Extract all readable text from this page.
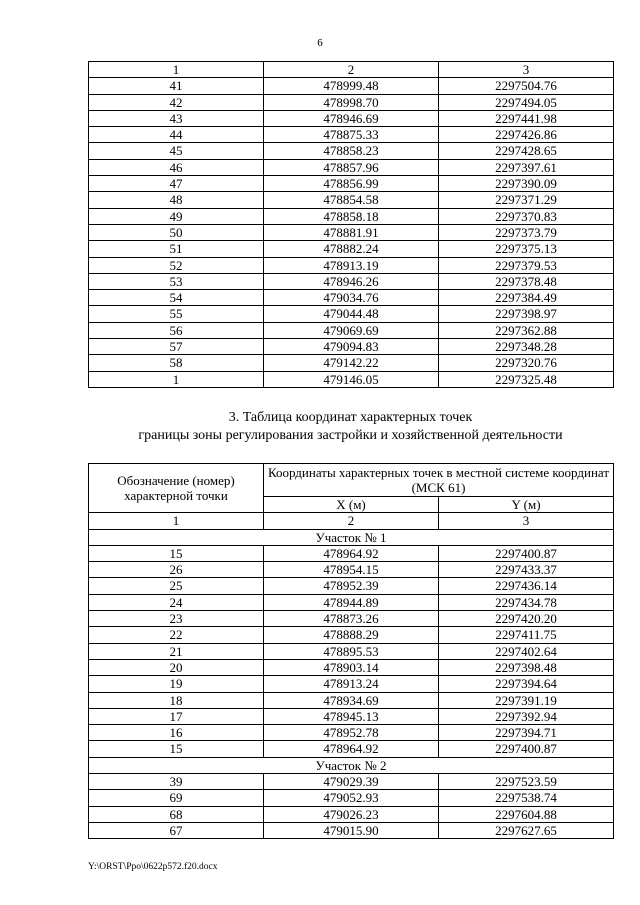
6
1	2	3
41	478999.48	2297504.76
42	478998.70	2297494.05
43	478946.69	2297441.98
44	478875.33	2297426.86
45	478858.23	2297428.65
46	478857.96	2297397.61
47	478856.99	2297390.09
48	478854.58	2297371.29
49	478858.18	2297370.83
50	478881.91	2297373.79
51	478882.24	2297375.13
52	478913.19	2297379.53
53	478946.26	2297378.48
54	479034.76	2297384.49
55	479044.48	2297398.97
56	479069.69	2297362.88
57	479094.83	2297348.28
58	479142.22	2297320.76
1	479146.05	2297325.48
3. Таблица координат характерных точек
границы зоны регулирования застройки и хозяйственной деятельности
Обозначение (номер) характерной точки	Координаты характерных точек в местной системе координат (МСК 61)	
	X (м)	Y (м)
1	2	3
Участок № 1		
15	478964.92	2297400.87
26	478954.15	2297433.37
25	478952.39	2297436.14
24	478944.89	2297434.78
23	478873.26	2297420.20
22	478888.29	2297411.75
21	478895.53	2297402.64
20	478903.14	2297398.48
19	478913.24	2297394.64
18	478934.69	2297391.19
17	478945.13	2297392.94
16	478952.78	2297394.71
15	478964.92	2297400.87
Участок № 2		
39	479029.39	2297523.59
69	479052.93	2297538.74
68	479026.23	2297604.88
67	479015.90	2297627.65
Y:\ORST\Ppo\0622p572.f20.docx
